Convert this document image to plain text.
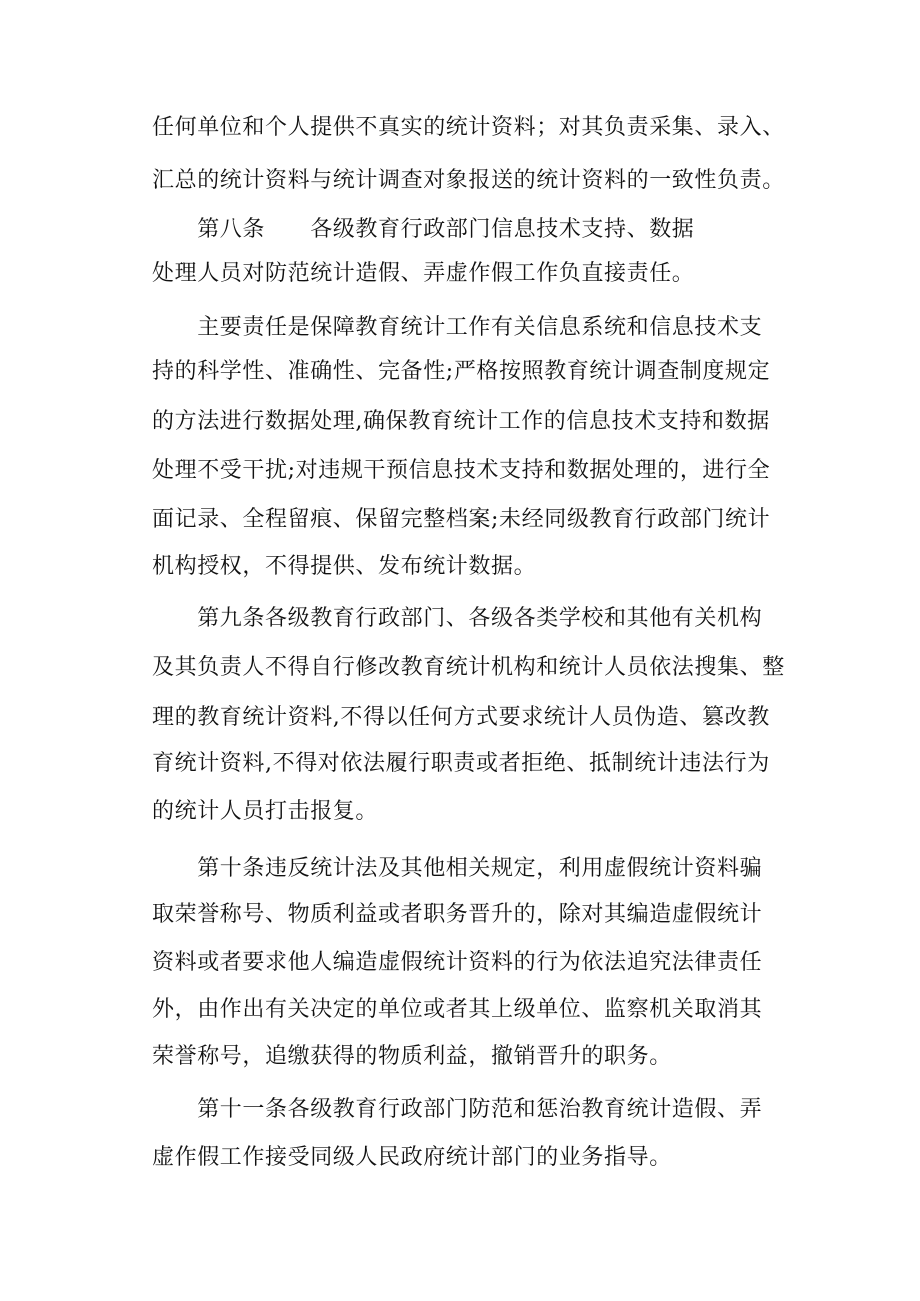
任何单位和个人提供不真实的统计资料；对其负责采集、录入、
汇总的统计资料与统计调查对象报送的统计资料的一致性负责。
　　第八条　　各级教育行政部门信息技术支持、数据
处理人员对防范统计造假、弄虚作假工作负直接责任。
　　主要责任是保障教育统计工作有关信息系统和信息技术支
持的科学性、准确性、完备性;严格按照教育统计调查制度规定
的方法进行数据处理,确保教育统计工作的信息技术支持和数据
处理不受干扰;对违规干预信息技术支持和数据处理的，进行全
面记录、全程留痕、保留完整档案;未经同级教育行政部门统计
机构授权，不得提供、发布统计数据。
　　第九条各级教育行政部门、各级各类学校和其他有关机构
及其负责人不得自行修改教育统计机构和统计人员依法搜集、整
理的教育统计资料,不得以任何方式要求统计人员伪造、篡改教
育统计资料,不得对依法履行职责或者拒绝、抵制统计违法行为
的统计人员打击报复。
　　第十条违反统计法及其他相关规定，利用虚假统计资料骗
取荣誉称号、物质利益或者职务晋升的，除对其编造虚假统计
资料或者要求他人编造虚假统计资料的行为依法追究法律责任
外，由作出有关决定的单位或者其上级单位、监察机关取消其
荣誉称号，追缴获得的物质利益，撤销晋升的职务。
　　第十一条各级教育行政部门防范和惩治教育统计造假、弄
虚作假工作接受同级人民政府统计部门的业务指导。
